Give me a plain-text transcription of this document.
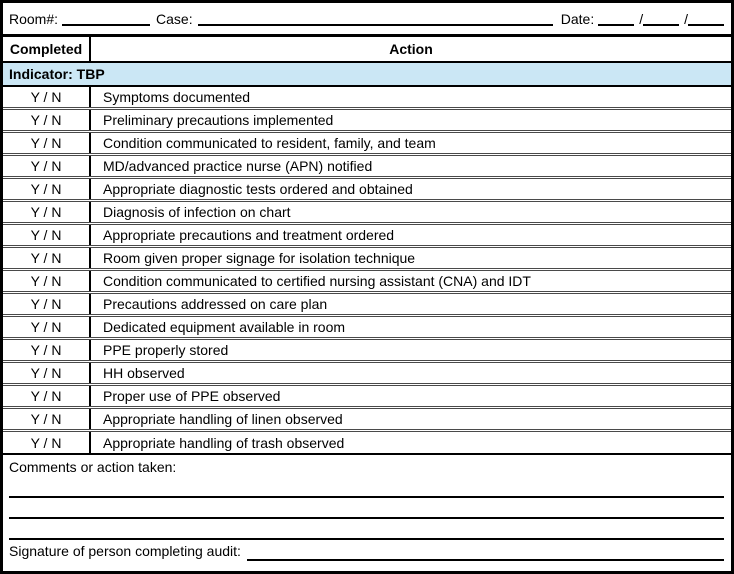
Room#:	Case:	Date:	/	/
Completed	Action
Indicator: TBP
Y / N	Symptoms documented
Y / N	Preliminary precautions implemented
Y / N	Condition communicated to resident, family, and team
Y / N	MD/advanced practice nurse (APN) notified
Y / N	Appropriate diagnostic tests ordered and obtained
Y / N	Diagnosis of infection on chart
Y / N	Appropriate precautions and treatment ordered
Y / N	Room given proper signage for isolation technique
Y / N	Condition communicated to certified nursing assistant (CNA) and IDT
Y / N	Precautions addressed on care plan
Y / N	Dedicated equipment available in room
Y / N	PPE properly stored
Y / N	HH observed
Y / N	Proper use of PPE observed
Y / N	Appropriate handling of linen observed
Y / N	Appropriate handling of trash observed
Comments or action taken:
Signature of person completing audit:
